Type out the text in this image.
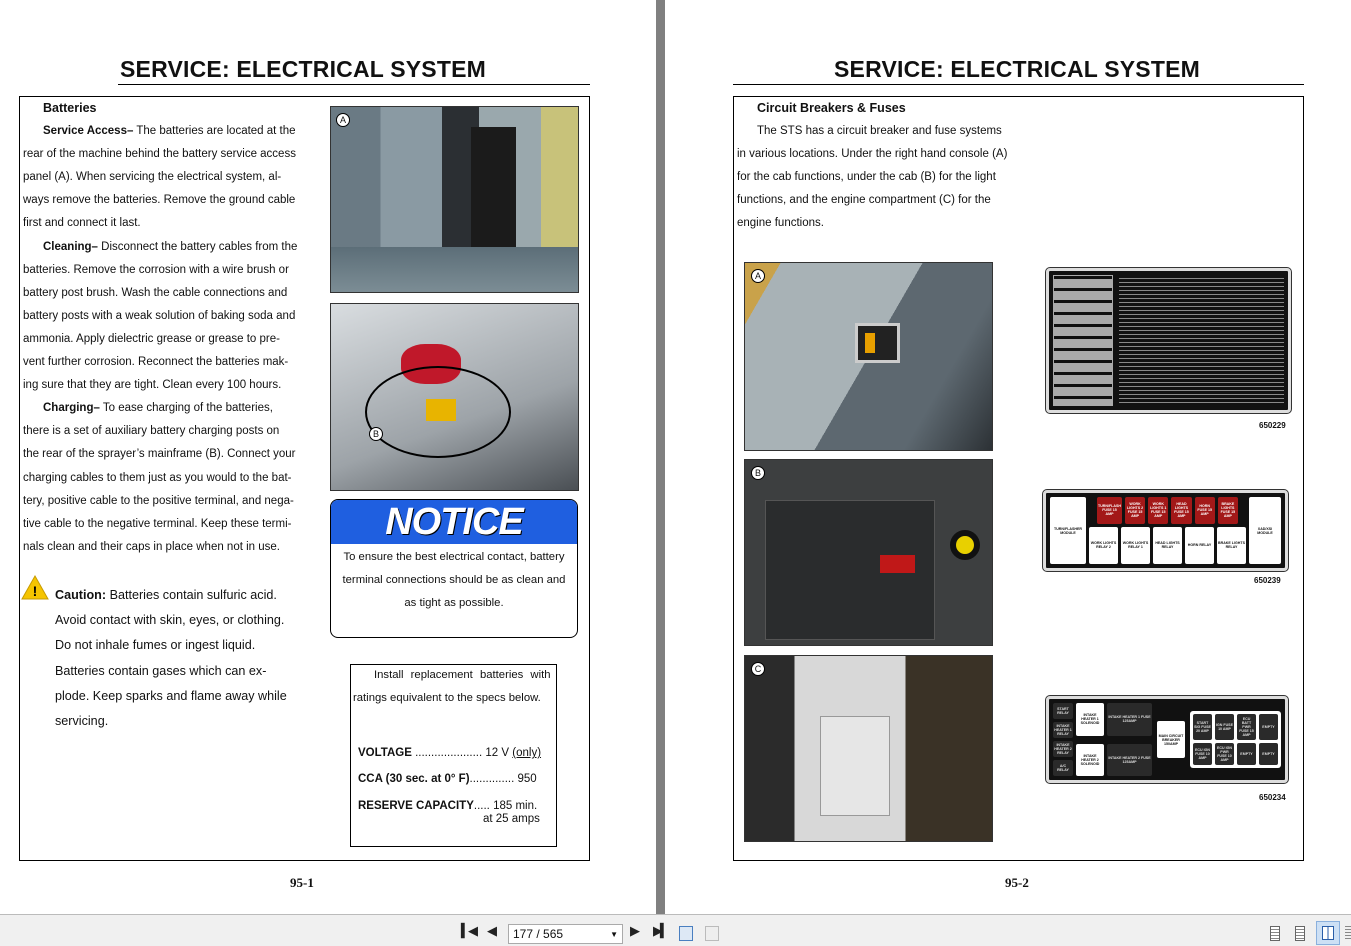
SERVICE: ELECTRICAL SYSTEM
Batteries
Service Access– The batteries are located at the
rear of the machine behind the battery service access
panel (A). When servicing the electrical system, al-
ways remove the batteries. Remove the ground cable
first and connect it last.
Cleaning– Disconnect the battery cables from the
batteries. Remove the corrosion with a wire brush or
battery post brush. Wash the cable connections and
battery posts with a weak solution of baking soda and
ammonia. Apply dielectric grease or grease to pre-
vent further corrosion. Reconnect the batteries mak-
ing sure that they are tight. Clean every 100 hours.
Charging– To ease charging of the batteries,
there is a set of auxiliary battery charging posts on
the rear of the sprayer’s mainframe (B). Connect your
charging cables to them just as you would to the bat-
tery, positive cable to the positive terminal, and nega-
tive cable to the negative terminal. Keep these termi-
nals clean and their caps in place when not in use.
! Caution: Batteries contain sulfuric acid.
Avoid contact with skin, eyes, or clothing.
Do not inhale fumes or ingest liquid.
Batteries contain gases which can ex-
plode. Keep sparks and flame away while
servicing.
A
B
NOTICE
To ensure the best electrical contact, battery
terminal connections should be as clean and
as tight as possible.
Install replacement batteries with
ratings equivalent to the specs below.
VOLTAGE ..................... 12 V (only)
CCA (30 sec. at 0° F).............. 950
RESERVE CAPACITY..... 185 min.
at 25 amps
95-1
SERVICE: ELECTRICAL SYSTEM
Circuit Breakers & Fuses
The STS has a circuit breaker and fuse systems
in various locations. Under the right hand console (A)
for the cab functions, under the cab (B) for the light
functions, and the engine compartment (C) for the
engine functions.
A
B
C
650229
TURN/FLASHER MODULE
TURN/FLASH FUSE 15 AMP
WORK LIGHTS 2 FUSE 15 AMP
WORK LIGHTS 1 FUSE 15 AMP
HEAD LIGHTS FUSE 15 AMP
HORN FUSE 15 AMP
BRAKE LIGHTS FUSE 15 AMP
WORK LIGHTS RELAY 2
WORK LIGHTS RELAY 1
HEAD LIGHTS RELAY	HORN RELAY	BRAKE LIGHTS RELAY
XAD/XSI MODULE
650239
START RELAY
INTAKE HEATER 1 RELAY
INTAKE HEATER 2 RELAY
A/C RELAY
INTAKE HEATER 1 SOLENOID
INTAKE HEATER 2 SOLENOID
INTAKE HEATER 1 FUSE 125AMP
INTAKE HEATER 2 FUSE 125AMP
MAIN CIRCUIT BREAKER 150AMP
START SIG FUSE 20 AMP
IGN FUSE 10 AMP
ECU BATT PWR FUSE 15 AMP
EMPTY
ECU IGN FUSE 10 AMP
ECU IGN PWR FUSE 10 AMP
EMPTY	EMPTY
650234
95-2
▍◀ ◀	177 / 565	▼ ▶ ▶▍
